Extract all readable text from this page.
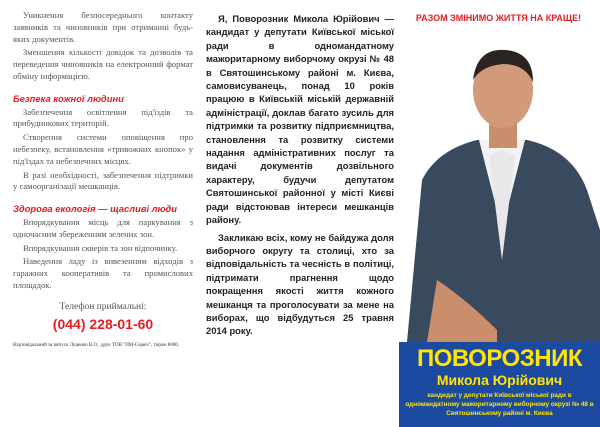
Уникнення безпосереднього контакту заявників та чиновників при отриманні будь-яких документів.

Зменшення кількості довідок та дозволів та переведення чиновників на електронний формат обміну інформацією.

Безпека кожної людини

Забезпечення освітлення під'їздів та прибудинкових територій.

Створення системи оповіщення про небезпеку, встановлення «тривожних кнопок» у під'їздах та небезпечних місцях.

В разі необхідності, забезпечення підтримки у самоорганізації мешканців.

Здорова екологія — щасливі люди

Впорядкування місць для паркування з одночасним збереженням зелених зон.

Впорядкування скверів та зон відпочинку.

Наведення ладу із вивезенням відходів з гаражних кооперативів та промислових площадок.

Телефон приймальні:
(044) 228-01-60
Відповідальний за випуск Луценко В.О., друк ТОВ "ПМ-Сервіс", тираж 8000.

Я, Поворозник Микола Юрійович — кандидат у депутати Київської міської ради в одномандатному мажоритарному виборчому окрузі № 48 в Святошинському районі м. Києва, самовисуванець, понад 10 років працюю в Київській міській державній адміністрації, доклав багато зусиль для підтримки та розвитку підприємництва, становлення та розвитку системи надання адміністративних послуг та видачі документів дозвільного характеру, будучи депутатом Святошинської районної у місті Києві ради відстоював інтереси мешканців району.

Закликаю всіх, кому не байдужа доля виборчого округу та столиці, хто за відповідальність та чесність в політиці, підтримати прагнення щодо покращення якості життя кожного мешканця та проголосувати за мене на виборах, що відбудуться 25 травня 2014 року.

РАЗОМ ЗМІНИМО ЖИТТЯ НА КРАЩЕ!
ПОВОРОЗНИК
Микола Юрійович
кандидат у депутати Київської міської ради в одномандатному мажоритарному виборчому окрузі № 48 в Святошинському районі м. Києва
